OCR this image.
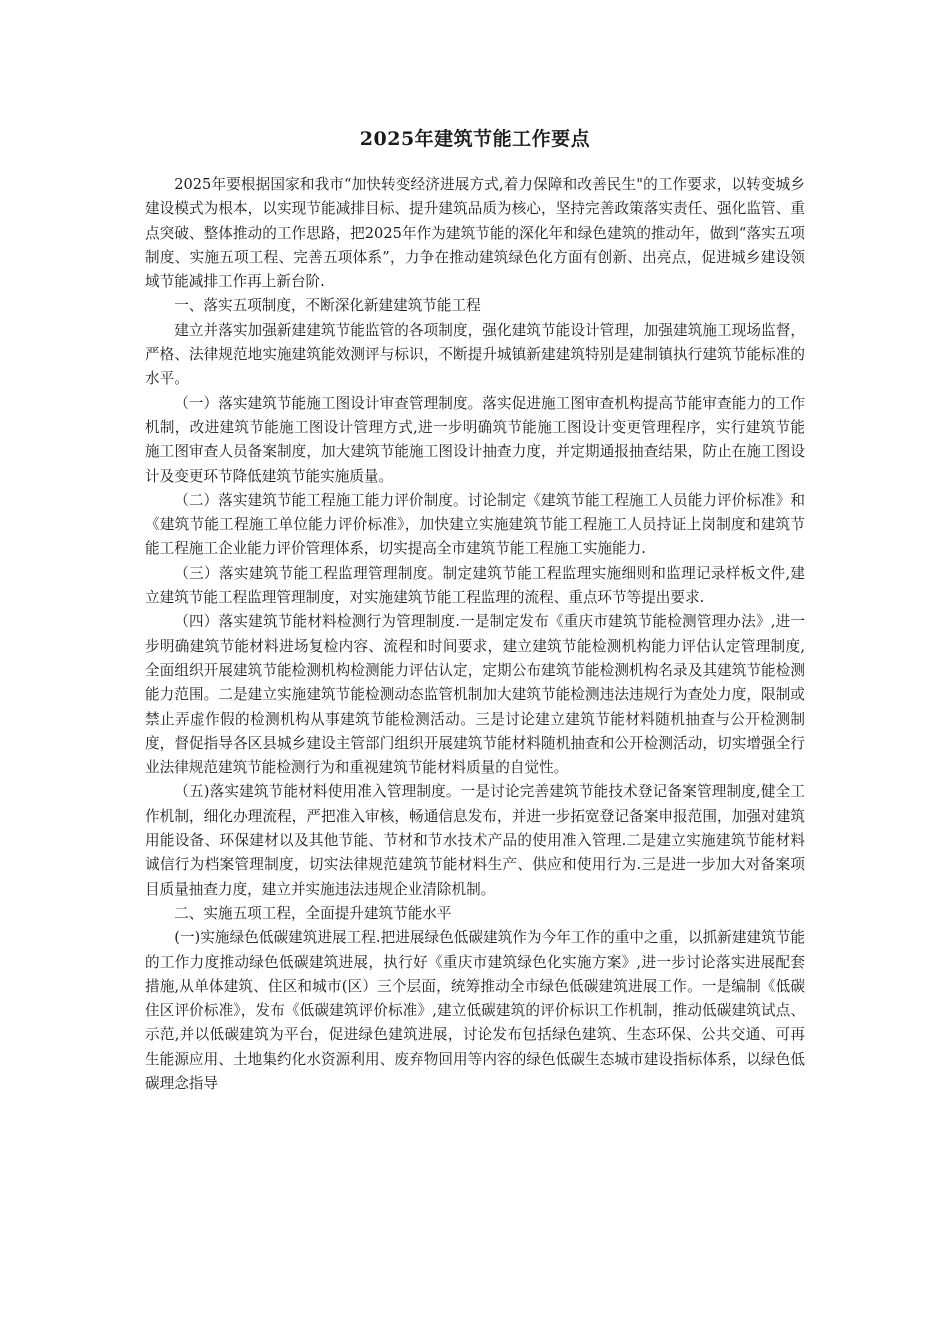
2025年建筑节能工作要点

2025年要根据国家和我市“加快转变经济进展方式,着力保障和改善民生"的工作要求，以转变城乡建设模式为根本，以实现节能减排目标、提升建筑品质为核心，坚持完善政策落实责任、强化监管、重点突破、整体推动的工作思路，把2025年作为建筑节能的深化年和绿色建筑的推动年，做到“落实五项制度、实施五项工程、完善五项体系”，力争在推动建筑绿色化方面有创新、出亮点，促进城乡建设领域节能减排工作再上新台阶.

一、落实五项制度，不断深化新建建筑节能工程

建立并落实加强新建建筑节能监管的各项制度，强化建筑节能设计管理，加强建筑施工现场监督，严格、法律规范地实施建筑能效测评与标识，不断提升城镇新建建筑特别是建制镇执行建筑节能标准的水平。

（一）落实建筑节能施工图设计审查管理制度。落实促进施工图审查机构提高节能审查能力的工作机制，改进建筑节能施工图设计管理方式,进一步明确筑节能施工图设计变更管理程序，实行建筑节能施工图审查人员备案制度，加大建筑节能施工图设计抽查力度，并定期通报抽查结果，防止在施工图设计及变更环节降低建筑节能实施质量。

（二）落实建筑节能工程施工能力评价制度。讨论制定《建筑节能工程施工人员能力评价标准》和《建筑节能工程施工单位能力评价标准》，加快建立实施建筑节能工程施工人员持证上岗制度和建筑节能工程施工企业能力评价管理体系，切实提高全市建筑节能工程施工实施能力.

（三）落实建筑节能工程监理管理制度。制定建筑节能工程监理实施细则和监理记录样板文件,建立建筑节能工程监理管理制度，对实施建筑节能工程监理的流程、重点环节等提出要求.

（四）落实建筑节能材料检测行为管理制度.一是制定发布《重庆市建筑节能检测管理办法》,进一步明确建筑节能材料进场复检内容、流程和时间要求，建立建筑节能检测机构能力评估认定管理制度,全面组织开展建筑节能检测机构检测能力评估认定，定期公布建筑节能检测机构名录及其建筑节能检测能力范围。二是建立实施建筑节能检测动态监管机制加大建筑节能检测违法违规行为查处力度，限制或禁止弄虚作假的检测机构从事建筑节能检测活动。三是讨论建立建筑节能材料随机抽查与公开检测制度，督促指导各区县城乡建设主管部门组织开展建筑节能材料随机抽查和公开检测活动，切实增强全行业法律规范建筑节能检测行为和重视建筑节能材料质量的自觉性。

（五)落实建筑节能材料使用准入管理制度。一是讨论完善建筑节能技术登记备案管理制度,健全工作机制，细化办理流程，严把准入审核，畅通信息发布，并进一步拓宽登记备案申报范围，加强对建筑用能设备、环保建材以及其他节能、节材和节水技术产品的使用准入管理.二是建立实施建筑节能材料诚信行为档案管理制度，切实法律规范建筑节能材料生产、供应和使用行为.三是进一步加大对备案项目质量抽查力度，建立并实施违法违规企业清除机制。

二、实施五项工程，全面提升建筑节能水平

(一)实施绿色低碳建筑进展工程.把进展绿色低碳建筑作为今年工作的重中之重，以抓新建建筑节能的工作力度推动绿色低碳建筑进展，执行好《重庆市建筑绿色化实施方案》,进一步讨论落实进展配套措施,从单体建筑、住区和城市(区）三个层面，统筹推动全市绿色低碳建筑进展工作。一是编制《低碳住区评价标准》，发布《低碳建筑评价标准》,建立低碳建筑的评价标识工作机制，推动低碳建筑试点、示范,并以低碳建筑为平台，促进绿色建筑进展，讨论发布包括绿色建筑、生态环保、公共交通、可再生能源应用、土地集约化水资源利用、废弃物回用等内容的绿色低碳生态城市建设指标体系，以绿色低碳理念指导
